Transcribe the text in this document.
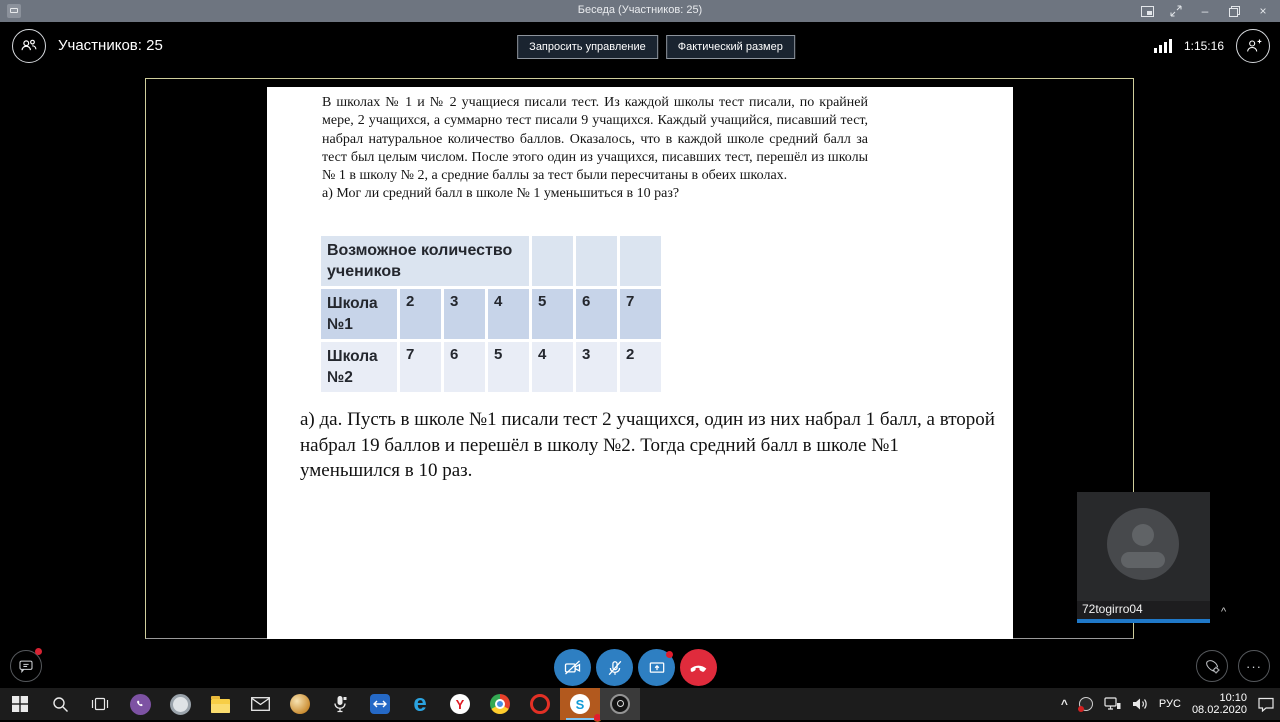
Беседа (Участников: 25)	–	×
Участников: 25	Запросить управление	Фактический размер	1:15:16
В школах № 1 и № 2 учащиеся писали тест. Из каждой школы тест писали, по крайней мере, 2 учащихся, а суммарно тест писали 9 учащихся. Каждый учащийся, писавший тест, набрал натуральное количество баллов. Оказалось, что в каждой школе средний балл за тест был целым числом. После этого один из учащихся, писавших тест, перешёл из школы № 1 в школу № 2, а средние баллы за тест были пересчитаны в обеих школах.
а) Мог ли средний балл в школе № 1 уменьшиться в 10 раз?
Возможное количество учеников						
Школа №1	2	3	4	5	6	7
Школа №2	7	6	5	4	3	2
а) да. Пусть в школе №1 писали тест 2 учащихся, один из них набрал 1 балл, а второй набрал 19 баллов и перешёл в школу №2. Тогда средний балл в школе №1 уменьшился в 10 раз.
72togirro04	^
···
e	Y	S	^	РУС
10:10
08.02.2020
